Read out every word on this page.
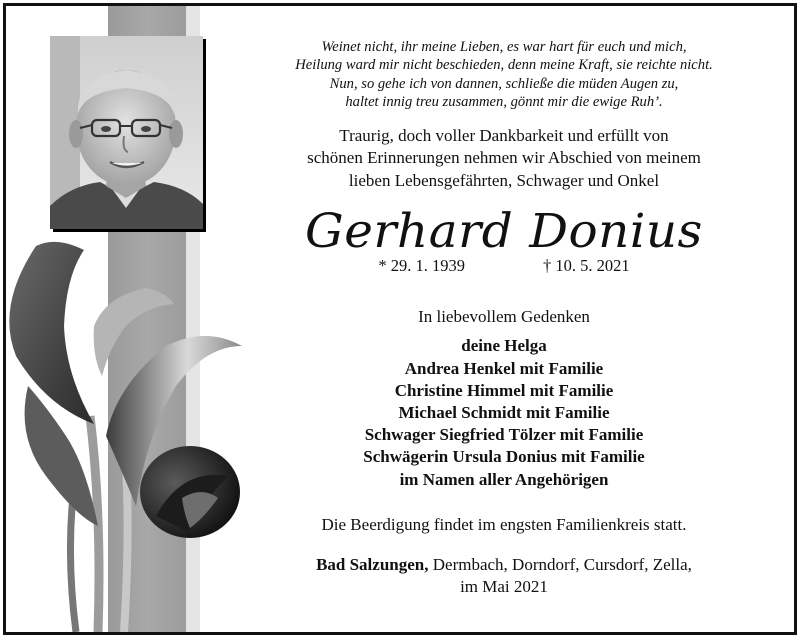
Weinet nicht, ihr meine Lieben, es war hart für euch und mich,
Heilung ward mir nicht beschieden, denn meine Kraft, sie reichte nicht.
Nun, so gehe ich von dannen, schließe die müden Augen zu,
haltet innig treu zusammen, gönnt mir die ewige Ruh’.
Traurig, doch voller Dankbarkeit und erfüllt von
schönen Erinnerungen nehmen wir Abschied von meinem
lieben Lebensgefährten, Schwager und Onkel
Gerhard Donius
* 29. 1. 1939	† 10. 5. 2021
In liebevollem Gedenken
deine Helga
Andrea Henkel mit Familie
Christine Himmel mit Familie
Michael Schmidt mit Familie
Schwager Siegfried Tölzer mit Familie
Schwägerin Ursula Donius mit Familie
im Namen aller Angehörigen
Die Beerdigung findet im engsten Familienkreis statt.
Bad Salzungen, Dermbach, Dorndorf, Cursdorf, Zella,
im Mai 2021
